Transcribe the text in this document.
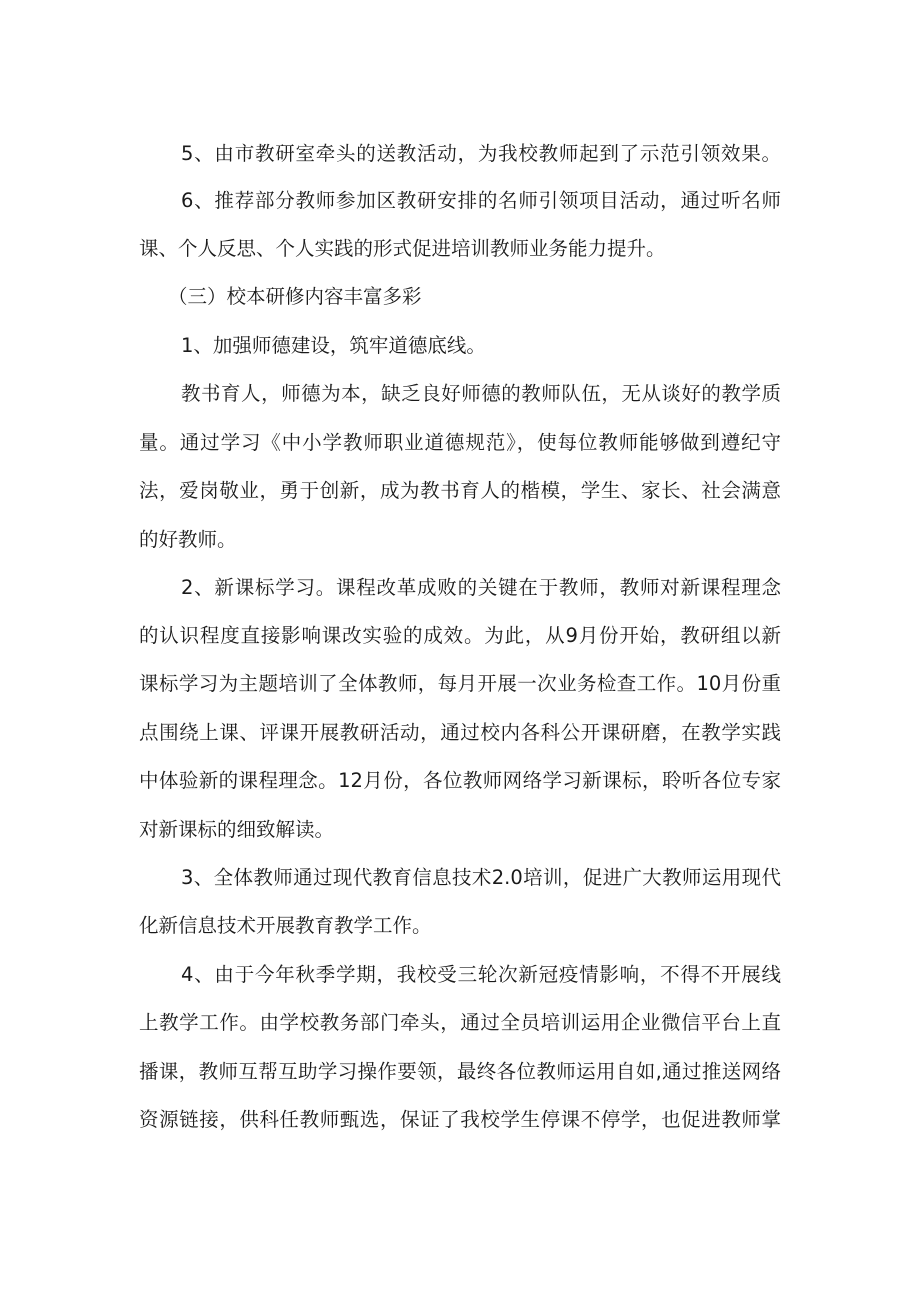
5、由市教研室牵头的送教活动，为我校教师起到了示范引领效果。
6、推荐部分教师参加区教研安排的名师引领项目活动，通过听名师
课、个人反思、个人实践的形式促进培训教师业务能力提升。
（三）校本研修内容丰富多彩
1、加强师德建设，筑牢道德底线。
教书育人，师德为本，缺乏良好师德的教师队伍，无从谈好的教学质
量。通过学习《中小学教师职业道德规范》，使每位教师能够做到遵纪守
法，爱岗敬业，勇于创新，成为教书育人的楷模，学生、家长、社会满意
的好教师。
2、新课标学习。课程改革成败的关键在于教师，教师对新课程理念
的认识程度直接影响课改实验的成效。为此，从9月份开始，教研组以新
课标学习为主题培训了全体教师，每月开展一次业务检查工作。10月份重
点围绕上课、评课开展教研活动，通过校内各科公开课研磨，在教学实践
中体验新的课程理念。12月份，各位教师网络学习新课标，聆听各位专家
对新课标的细致解读。
3、全体教师通过现代教育信息技术2.0培训，促进广大教师运用现代
化新信息技术开展教育教学工作。
4、由于今年秋季学期，我校受三轮次新冠疫情影响，不得不开展线
上教学工作。由学校教务部门牵头，通过全员培训运用企业微信平台上直
播课，教师互帮互助学习操作要领，最终各位教师运用自如,通过推送网络
资源链接，供科任教师甄选，保证了我校学生停课不停学，也促进教师掌
